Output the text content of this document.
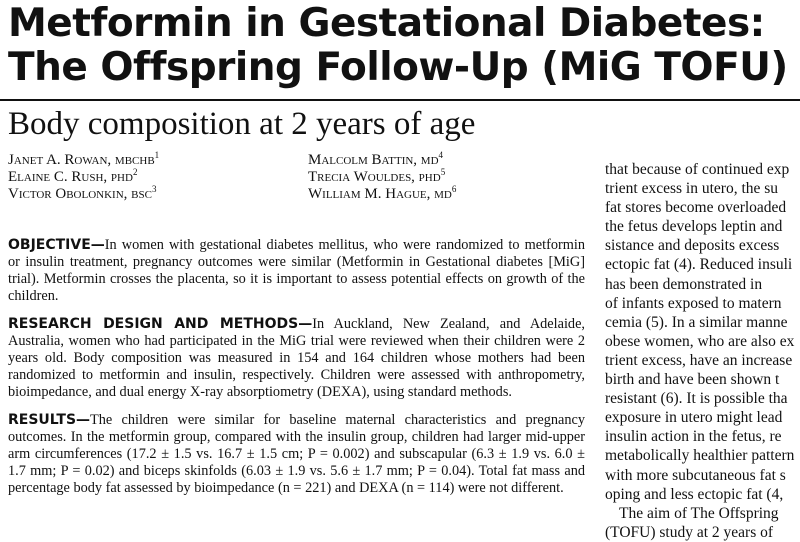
Metformin in Gestational Diabetes:
The Offspring Follow-Up (MiG TOFU)
Body composition at 2 years of age
Janet A. Rowan, mbchb$^1$
Elaine C. Rush, phd$^2$
Victor Obolonkin, bsc$^3$
Malcolm Battin, $md^4$
Trecia Wouldes, phd$^5$
William M. Hague, $md^6$

OBJECTIVE—In women with gestational diabetes mellitus, who were randomized to metformin or insulin treatment, pregnancy outcomes were similar (Metformin in Gestational diabetes [MiG] trial). Metformin crosses the placenta, so it is important to assess potential effects on growth of the children.

RESEARCH DESIGN AND METHODS—In Auckland, New Zealand, and Adelaide, Australia, women who had participated in the MiG trial were reviewed when their children were 2 years old. Body composition was measured in 154 and 164 children whose mothers had been randomized to metformin and insulin, respectively. Children were assessed with anthropometry, bioimpedance, and dual energy X-ray absorptiometry (DEXA), using standard methods.

RESULTS—The children were similar for baseline maternal characteristics and pregnancy outcomes. In the metformin group, compared with the insulin group, children had larger mid-upper arm circumferences (17.2 ± 1.5 vs. 16.7 ± 1.5 cm; P = 0.002) and subscapular (6.3 ± 1.9 vs. 6.0 ± 1.7 mm; P = 0.02) and biceps skinfolds (6.03 ± 1.9 vs. 5.6 ± 1.7 mm; P = 0.04). Total fat mass and percentage body fat assessed by bioimpedance (n = 221) and DEXA (n = 114) were not different.

that because of continued exp
trient excess in utero, the su
fat stores become overloaded
the fetus develops leptin and
sistance and deposits excess
ectopic fat (4). Reduced insuli
has been demonstrated in
of infants exposed to matern
cemia (5). In a similar manne
obese women, who are also ex
trient excess, have an increase
birth and have been shown t
resistant (6). It is possible tha
exposure in utero might lead
insulin action in the fetus, re
metabolically healthier pattern
with more subcutaneous fat s
oping and less ectopic fat (4,
The aim of The Offspring
(TOFU) study at 2 years of
